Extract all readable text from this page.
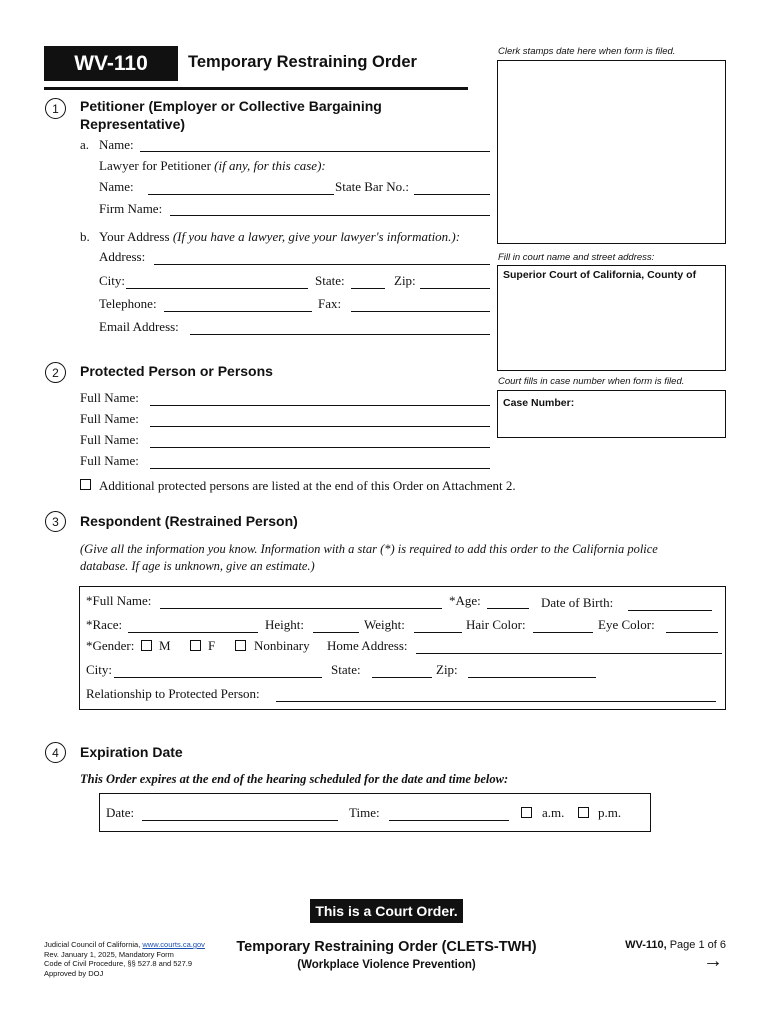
WV-110 Temporary Restraining Order
Clerk stamps date here when form is filed.
Fill in court name and street address:
Superior Court of California, County of
Court fills in case number when form is filed.
Case Number:
1	Petitioner (Employer or Collective Bargaining
Representative)
a. Name:
Lawyer for Petitioner (if any, for this case):
Name:	State Bar No.:
Firm Name:
b. Your Address (If you have a lawyer, give your lawyer's information.):
Address:
City:	State:	Zip:
Telephone:	Fax:
Email Address:
2	Protected Person or Persons
Full Name:
Full Name:
Full Name:
Full Name:
Additional protected persons are listed at the end of this Order on Attachment 2.
3	Respondent (Restrained Person)
(Give all the information you know. Information with a star (*) is required to add this order to the California police
database. If age is unknown, give an estimate.)
*Full Name:	*Age:	Date of Birth:
*Race:	Height:	Weight:	Hair Color:	Eye Color:
*Gender: M	F	Nonbinary Home Address:
City:	State:	Zip:
Relationship to Protected Person:
4	Expiration Date
This Order expires at the end of the hearing scheduled for the date and time below:
Date:	Time:	a.m.	p.m.
This is a Court Order.
Judicial Council of California, www.courts.ca.gov
Rev. January 1, 2025, Mandatory Form
Code of Civil Procedure, §§ 527.8 and 527.9
Approved by DOJ
Temporary Restraining Order (CLETS-TWH)
(Workplace Violence Prevention)
WV-110, Page 1 of 6
→
